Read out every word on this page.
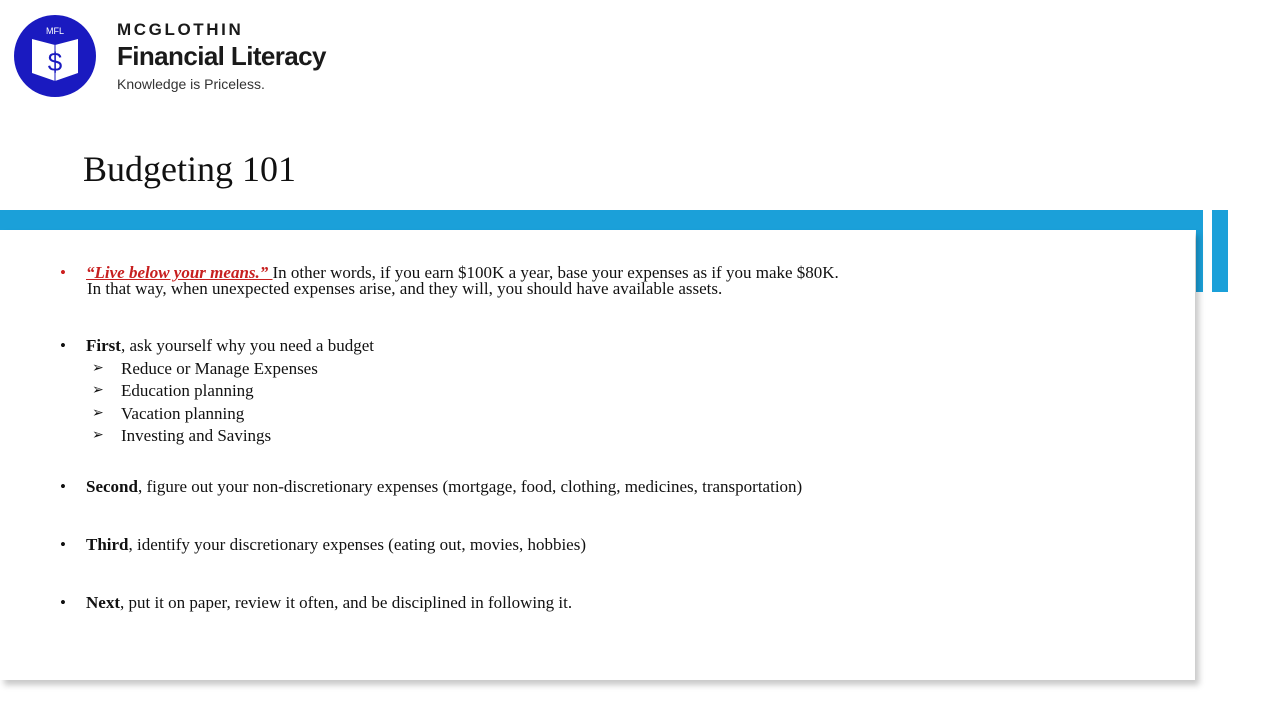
MFL
$
MCGLOTHIN
Financial Literacy
Knowledge is Priceless.
Budgeting 101
• “Live below your means.” In other words, if you earn $100K a year, base your expenses as if you make $80K.
In that way, when unexpected expenses arise, and they will, you should have available assets.
• First, ask yourself why you need a budget
➢ Reduce or Manage Expenses
➢ Education planning
➢ Vacation planning
➢ Investing and Savings
• Second, figure out your non-discretionary expenses (mortgage, food, clothing, medicines, transportation)
• Third, identify your discretionary expenses (eating out, movies, hobbies)
• Next, put it on paper, review it often, and be disciplined in following it.
